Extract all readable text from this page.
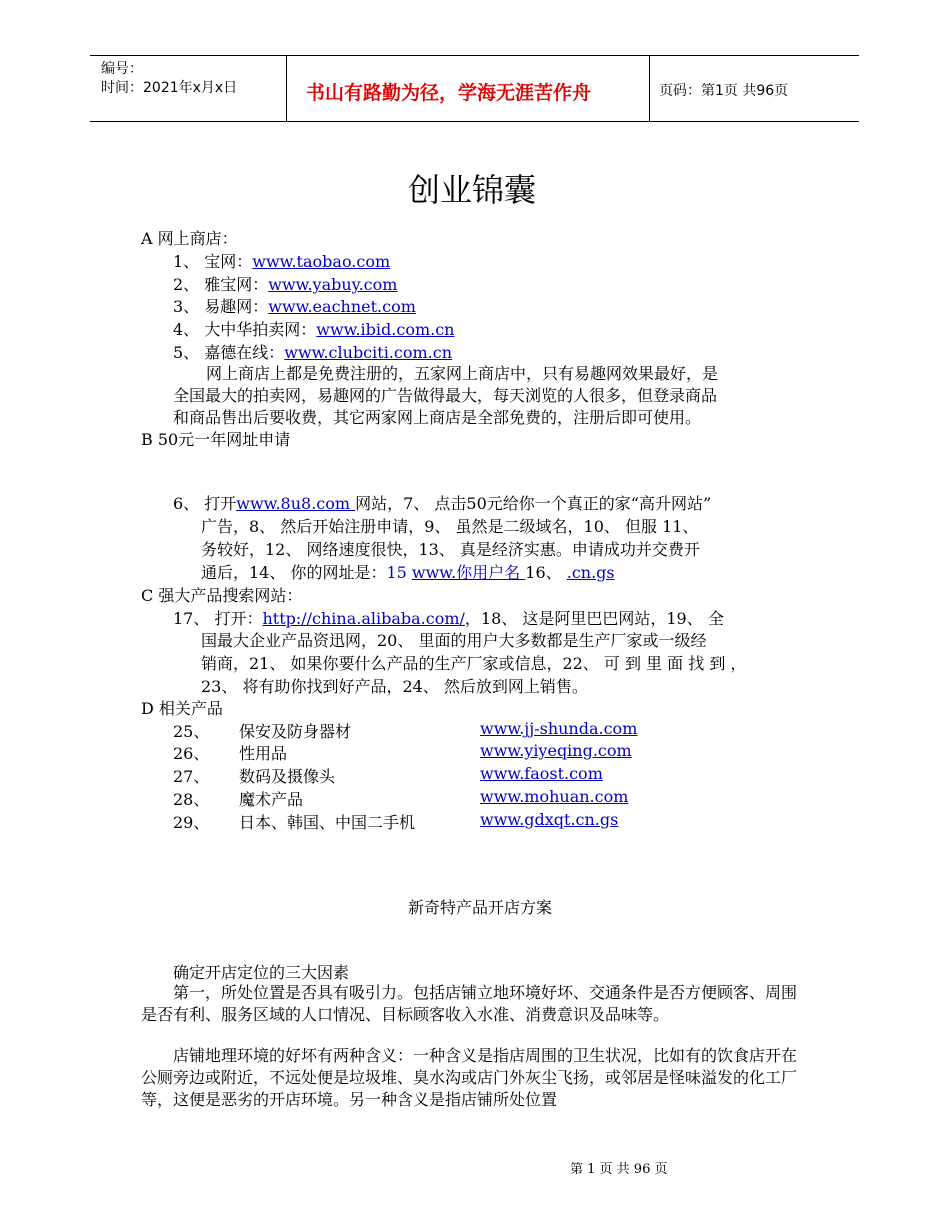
编号：
时间：2021年x月x日	书山有路勤为径，学海无涯苦作舟	页码：第1页 共96页
创业锦囊
A 网上商店：
1、 宝网：www.taobao.com
2、 雅宝网：www.yabuy.com
3、 易趣网：www.eachnet.com
4、 大中华拍卖网：www.ibid.com.cn
5、 嘉德在线：www.clubciti.com.cn
网上商店上都是免费注册的，五家网上商店中，只有易趣网效果最好，是
全国最大的拍卖网，易趣网的广告做得最大，每天浏览的人很多，但登录商品
和商品售出后要收费，其它两家网上商店是全部免费的，注册后即可使用。
B 50元一年网址申请
6、 打开www.8u8.com 网站，7、 点击50元给你一个真正的家“高升网站”
广告，8、 然后开始注册申请，9、 虽然是二级域名，10、 但服 11、
务较好，12、 网络速度很快，13、 真是经济实惠。申请成功并交费开
通后，14、 你的网址是：15 www.你用户名 16、 .cn.gs
C 强大产品搜索网站：
17、 打开：http://china.alibaba.com/，18、 这是阿里巴巴网站，19、 全
国最大企业产品资迅网，20、 里面的用户大多数都是生产厂家或一级经
销商，21、 如果你要什么产品的生产厂家或信息，22、 可 到 里 面 找 到 ，
23、 将有助你找到好产品，24、 然后放到网上销售。
D 相关产品
25、 保安及防身器材	www.jj-shunda.com
26、 性用品	www.yiyeqing.com
27、 数码及摄像头	www.faost.com
28、 魔术产品	www.mohuan.com
29、 日本、韩国、中国二手机	www.gdxqt.cn.gs
新奇特产品开店方案
确定开店定位的三大因素
第一，所处位置是否具有吸引力。包括店铺立地环境好坏、交通条件是否方便顾客、周围是否有利、服务区域的人口情况、目标顾客收入水准、消费意识及品味等。
店铺地理环境的好坏有两种含义：一种含义是指店周围的卫生状况，比如有的饮食店开在公厕旁边或附近，不远处便是垃圾堆、臭水沟或店门外灰尘飞扬，或邻居是怪味溢发的化工厂等，这便是恶劣的开店环境。另一种含义是指店铺所处位置
第 1 页 共 96 页
